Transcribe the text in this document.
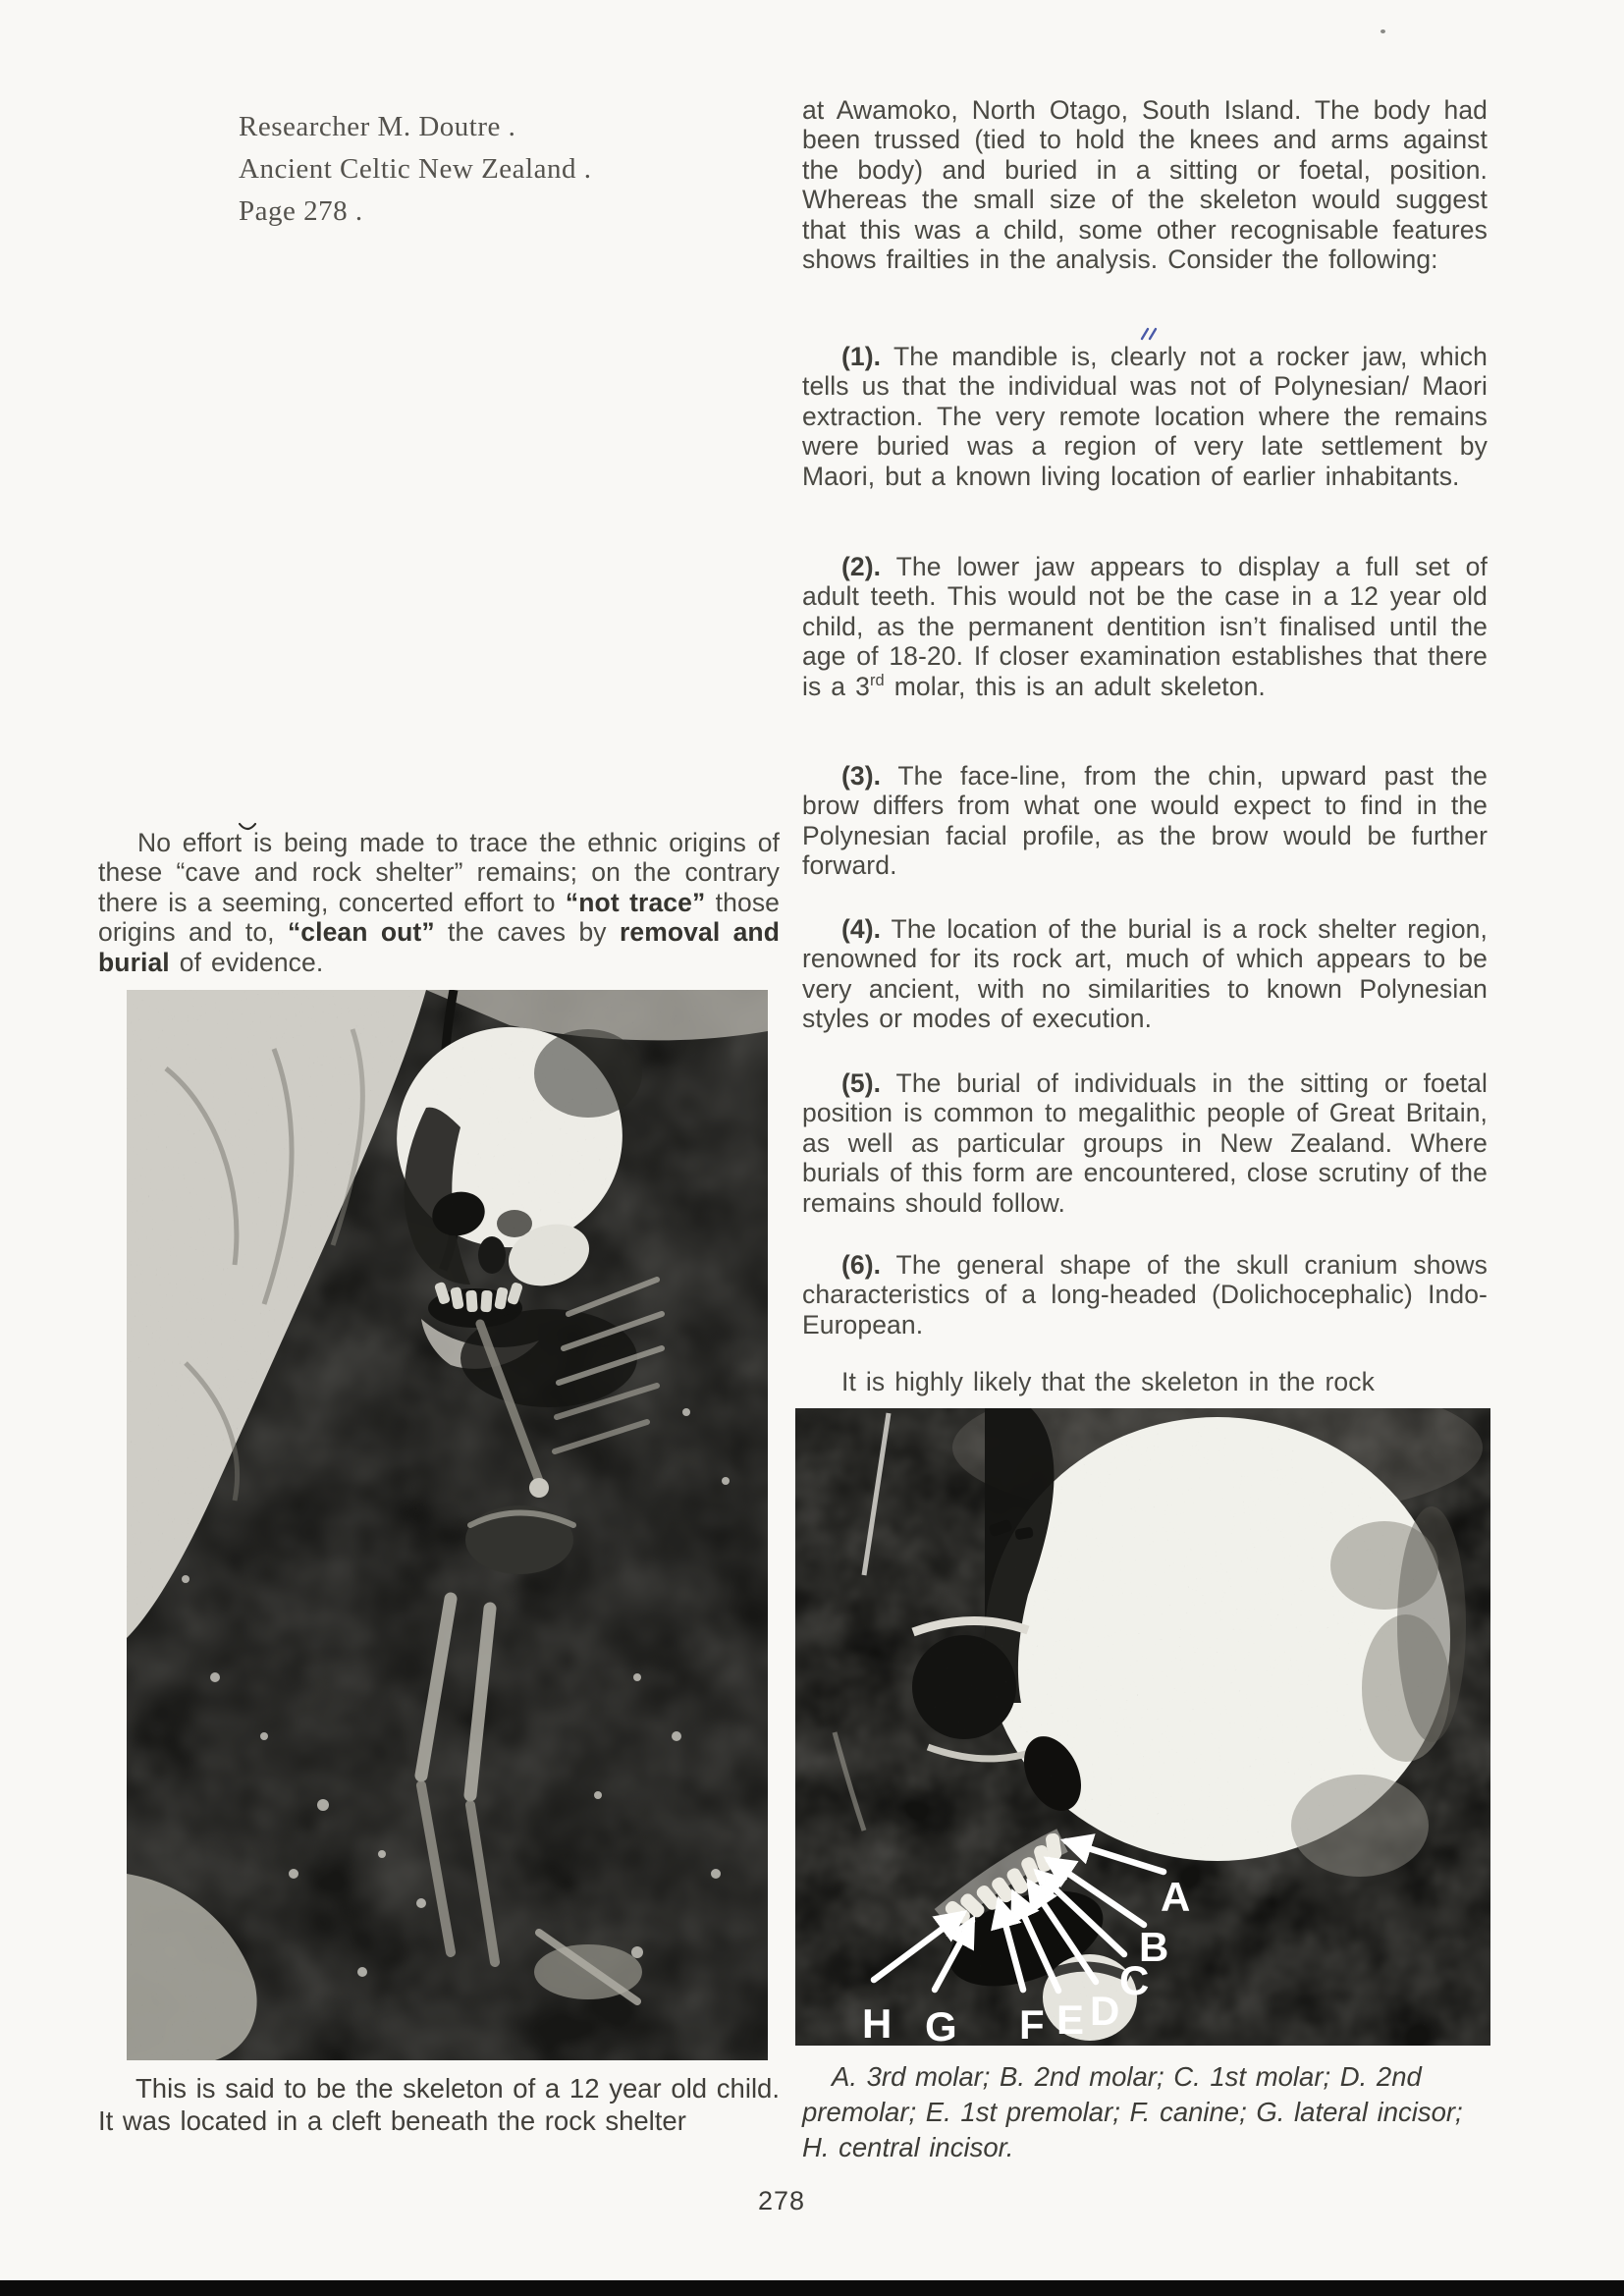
Researcher M. Doutre .
Ancient Celtic New Zealand .
Page 278 .

No effort is being made to trace the ethnic origins of these “cave and rock shelter” remains; on the contrary there is a seeming, concerted effort to “not trace” those origins and to, “clean out” the caves by removal and burial of evidence.

This is said to be the skeleton of a 12 year old child. It was located in a cleft beneath the rock shelter

at Awamoko, North Otago, South Island. The body had been trussed (tied to hold the knees and arms against the body) and buried in a sitting or foetal, position. Whereas the small size of the skeleton would suggest that this was a child, some other recognisable features shows frailties in the analysis. Consider the following:

(1). The mandible is, clearly not a rocker jaw, which tells us that the individual was not of Polynesian/ Maori extraction. The very remote location where the remains were buried was a region of very late settlement by Maori, but a known living location of earlier inhabitants.

(2). The lower jaw appears to display a full set of adult teeth. This would not be the case in a 12 year old child, as the permanent dentition isn’t finalised until the age of 18-20. If closer examination establishes that there is a 3rd molar, this is an adult skeleton.

(3). The face-line, from the chin, upward past the brow differs from what one would expect to find in the Polynesian facial profile, as the brow would be further forward.

(4). The location of the burial is a rock shelter region, renowned for its rock art, much of which appears to be very ancient, with no similarities to known Polynesian styles or modes of execution.

(5). The burial of individuals in the sitting or foetal position is common to megalithic people of Great Britain, as well as particular groups in New Zealand. Where burials of this form are encountered, close scrutiny of the remains should follow.

(6). The general shape of the skull cranium shows characteristics of a long-headed (Dolichocephalic) Indo-European.

It is highly likely that the skeleton in the rock

A. 3rd molar; B. 2nd molar; C. 1st molar; D. 2nd premolar; E. 1st premolar; F. canine; G. lateral incisor; H. central incisor.

278
